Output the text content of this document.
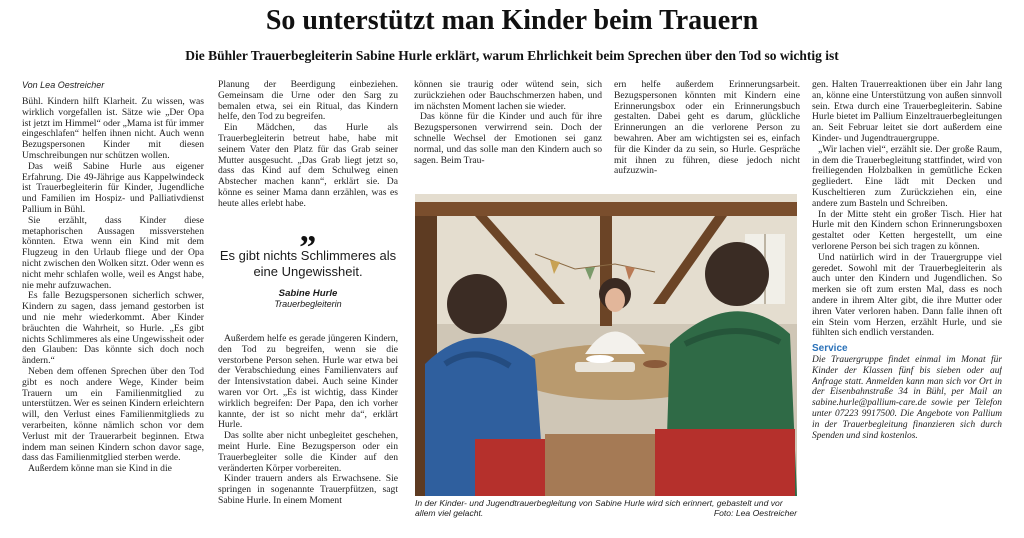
So unterstützt man Kinder beim Trauern
Die Bühler Trauerbegleiterin Sabine Hurle erklärt, warum Ehrlichkeit beim Sprechen über den Tod so wichtig ist

Von Lea Oestreicher

Bühl. Kindern hilft Klarheit. Zu wissen, was wirklich vorgefallen ist. Sätze wie „Der Opa ist jetzt im Himmel“ oder „Mama ist für immer eingeschlafen“ helfen ihnen nicht. Auch wenn Bezugspersonen Kinder mit diesen Umschreibungen nur schützen wollen.

Das weiß Sabine Hurle aus eigener Erfahrung. Die 49-Jährige aus Kappelwindeck ist Trauerbegleiterin für Kinder, Jugendliche und Familien im Hospiz- und Palliativdienst Pallium in Bühl.

Sie erzählt, dass Kinder diese metaphorischen Aussagen missverstehen könnten. Etwa wenn ein Kind mit dem Flugzeug in den Urlaub fliege und der Opa nicht zwischen den Wolken sitzt. Oder wenn es nicht mehr schlafen wolle, weil es Angst habe, nie mehr aufzuwachen.

Es falle Bezugspersonen sicherlich schwer, Kindern zu sagen, dass jemand gestorben ist und nie mehr wiederkommt. Aber Kinder bräuchten die Wahrheit, so Hurle. „Es gibt nichts Schlimmeres als eine Ungewissheit oder den Glauben: Das könnte sich doch noch ändern.“

Neben dem offenen Sprechen über den Tod gibt es noch andere Wege, Kinder beim Trauern um ein Familienmitglied zu unterstützen. Wer es seinen Kindern erleichtern will, den Verlust eines Familienmitglieds zu verarbeiten, könne nämlich schon vor dem Verlust mit der Trauerarbeit beginnen. Etwa indem man seinen Kindern schon davor sage, dass das Familienmitglied sterben werde.

Außerdem könne man sie Kind in die

Planung der Beerdigung einbeziehen. Gemeinsam die Urne oder den Sarg zu bemalen etwa, sei ein Ritual, das Kindern helfe, den Tod zu begreifen.

Ein Mädchen, das Hurle als Trauerbegleiterin betreut habe, habe mit seinem Vater den Platz für das Grab seiner Mutter ausgesucht. „Das Grab liegt jetzt so, dass das Kind auf dem Schulweg einen Abstecher machen kann“, erklärt sie. Da könne es seiner Mama dann erzählen, was es heute alles erlebt habe.

„
Es gibt nichts Schlimmeres als eine Ungewissheit.
Sabine Hurle
Trauerbegleiterin

Außerdem helfe es gerade jüngeren Kindern, den Tod zu begreifen, wenn sie die verstorbene Person sehen. Hurle war etwa bei der Verabschiedung eines Familienvaters auf der Intensivstation dabei. Auch seine Kinder waren vor Ort. „Es ist wichtig, dass Kinder wirklich begreifen: Der Papa, den ich vorher kannte, der ist so nicht mehr da“, erklärt Hurle.

Das sollte aber nicht unbegleitet geschehen, meint Hurle. Eine Bezugsperson oder ein Trauerbegleiter solle die Kinder auf den veränderten Körper vorbereiten.

Kinder trauern anders als Erwachsene. Sie springen in sogenannte Trauerpfützen, sagt Sabine Hurle. In einem Moment

können sie traurig oder wütend sein, sich zurückziehen oder Bauchschmerzen haben, und im nächsten Moment lachen sie wieder.

Das könne für die Kinder und auch für ihre Bezugspersonen verwirrend sein. Doch der schnelle Wechsel der Emotionen sei ganz normal, und das solle man den Kindern auch so sagen. Beim Trau-

ern helfe außerdem Erinnerungsarbeit. Bezugspersonen könnten mit Kindern eine Erinnerungsbox oder ein Erinnerungsbuch gestalten. Dabei geht es darum, glückliche Erinnerungen an die verlorene Person zu bewahren. Aber am wichtigsten sei es, einfach für die Kinder da zu sein, so Hurle. Gespräche mit ihnen zu führen, diese jedoch nicht aufzuzwin-

In der Kinder- und Jugendtrauerbegleitung von Sabine Hurle wird sich erinnert, gebastelt und vor allem viel gelacht.	Foto: Lea Oestreicher

gen. Halten Trauerreaktionen über ein Jahr lang an, könne eine Unterstützung von außen sinnvoll sein. Etwa durch eine Trauerbegleiterin. Sabine Hurle bietet im Pallium Einzeltrauerbegleitungen an. Seit Februar leitet sie dort außerdem eine Kinder- und Jugendtrauergruppe.

„Wir lachen viel“, erzählt sie. Der große Raum, in dem die Trauerbegleitung stattfindet, wird von freiliegenden Holzbalken in gemütliche Ecken gegliedert. Eine lädt mit Decken und Kuscheltieren zum Zurückziehen ein, eine andere zum Basteln und Schreiben.

In der Mitte steht ein großer Tisch. Hier hat Hurle mit den Kindern schon Erinnerungsboxen gestaltet oder Ketten hergestellt, um eine verlorene Person bei sich tragen zu können.

Und natürlich wird in der Trauergruppe viel geredet. Sowohl mit der Trauerbegleiterin als auch unter den Kindern und Jugendlichen. So merken sie oft zum ersten Mal, dass es noch andere in ihrem Alter gibt, die ihre Mutter oder ihren Vater verloren haben. Dann falle ihnen oft ein Stein vom Herzen, erzählt Hurle, und sie fühlten sich endlich verstanden.

Service

Die Trauergruppe findet einmal im Monat für Kinder der Klassen fünf bis sieben oder auf Anfrage statt. Anmelden kann man sich vor Ort in der Eisenbahnstraße 34 in Bühl, per Mail an sabine.hurle@pallium-care.de sowie per Telefon unter 07223 9917500. Die Angebote von Pallium in der Trauerbegleitung finanzieren sich durch Spenden und sind kostenlos.
